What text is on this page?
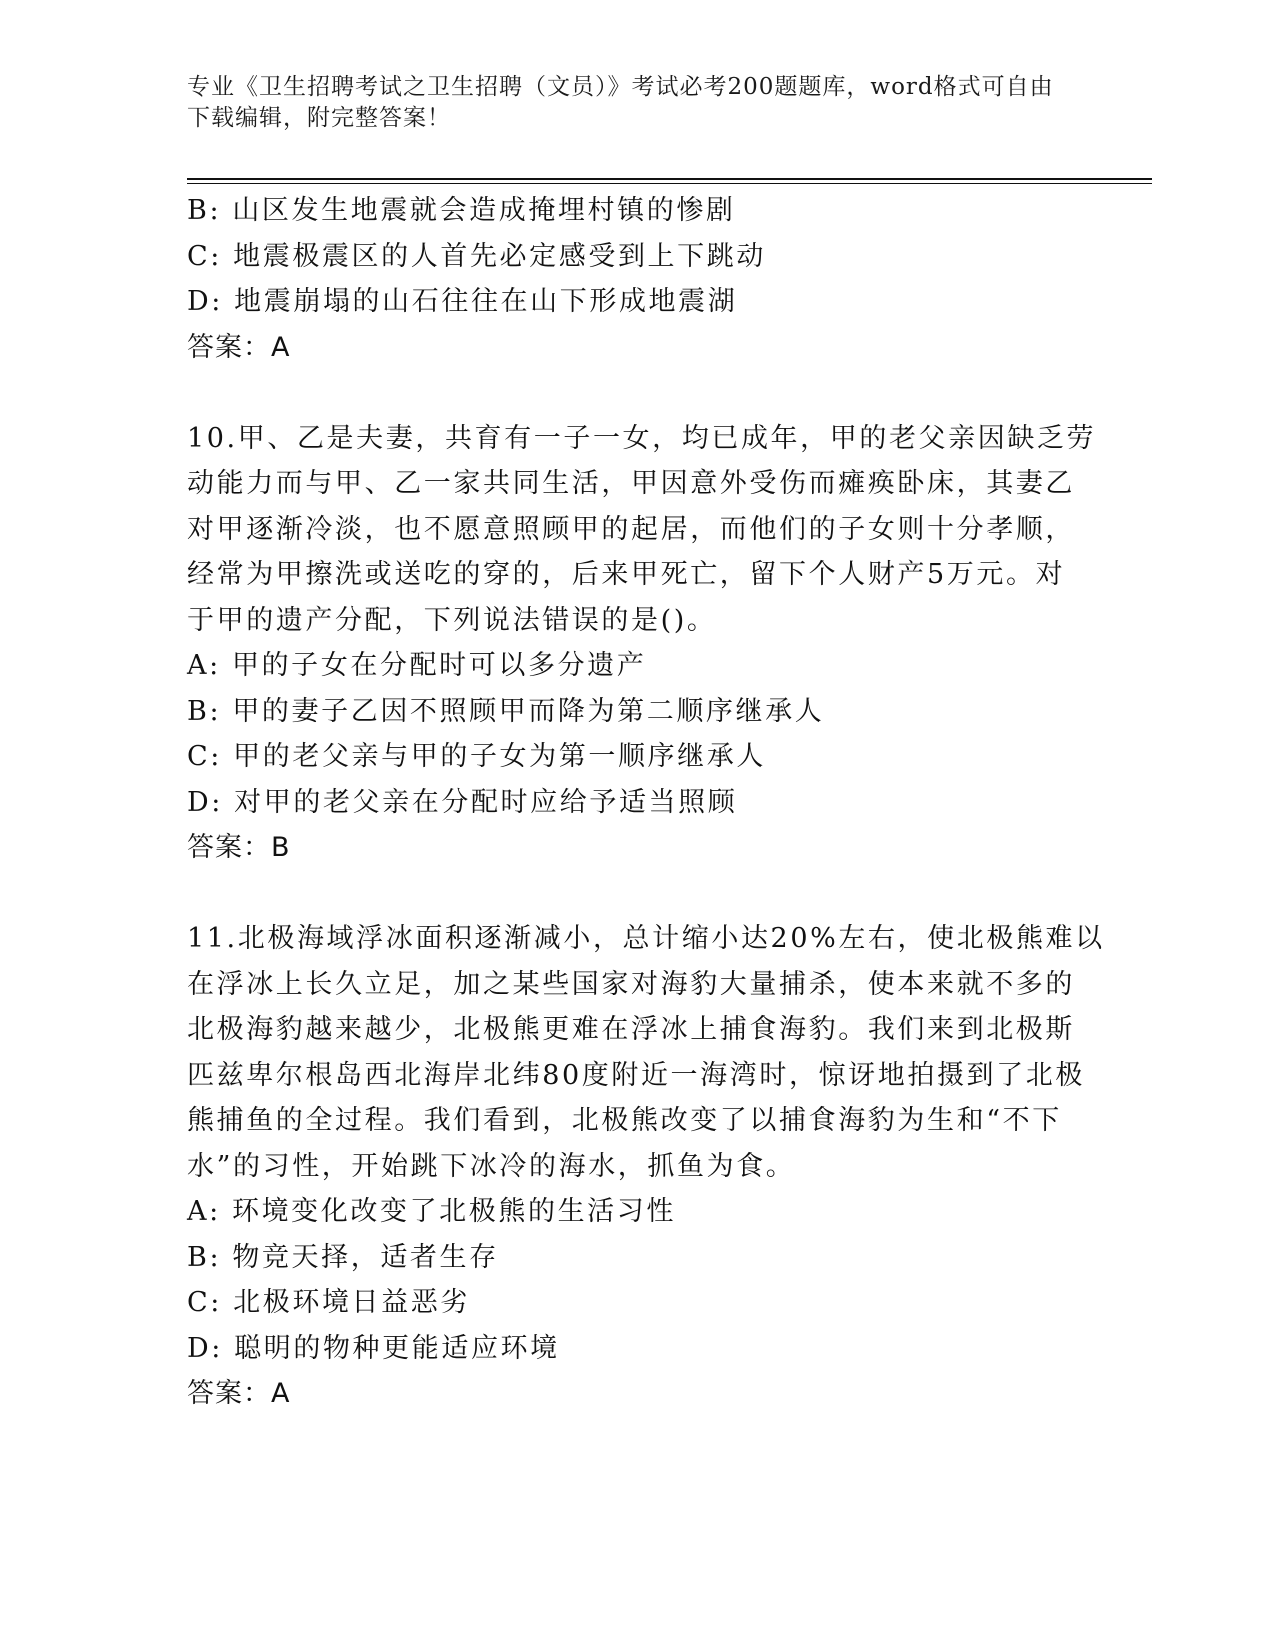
专业《卫生招聘考试之卫生招聘（文员）》考试必考200题题库，word格式可自由下载编辑，附完整答案！
B: 山区发生地震就会造成掩埋村镇的惨剧
C: 地震极震区的人首先必定感受到上下跳动
D: 地震崩塌的山石往往在山下形成地震湖
答案：A
10.甲、乙是夫妻，共育有一子一女，均已成年，甲的老父亲因缺乏劳
动能力而与甲、乙一家共同生活，甲因意外受伤而瘫痪卧床，其妻乙
对甲逐渐冷淡，也不愿意照顾甲的起居，而他们的子女则十分孝顺，
经常为甲擦洗或送吃的穿的，后来甲死亡，留下个人财产5万元。对
于甲的遗产分配，下列说法错误的是()。
A: 甲的子女在分配时可以多分遗产
B: 甲的妻子乙因不照顾甲而降为第二顺序继承人
C: 甲的老父亲与甲的子女为第一顺序继承人
D: 对甲的老父亲在分配时应给予适当照顾
答案：B
11.北极海域浮冰面积逐渐减小，总计缩小达20%左右，使北极熊难以
在浮冰上长久立足，加之某些国家对海豹大量捕杀，使本来就不多的
北极海豹越来越少，北极熊更难在浮冰上捕食海豹。我们来到北极斯
匹兹卑尔根岛西北海岸北纬80度附近一海湾时，惊讶地拍摄到了北极
熊捕鱼的全过程。我们看到，北极熊改变了以捕食海豹为生和“不下
水”的习性，开始跳下冰冷的海水，抓鱼为食。
A: 环境变化改变了北极熊的生活习性
B: 物竞天择，适者生存
C: 北极环境日益恶劣
D: 聪明的物种更能适应环境
答案：A
